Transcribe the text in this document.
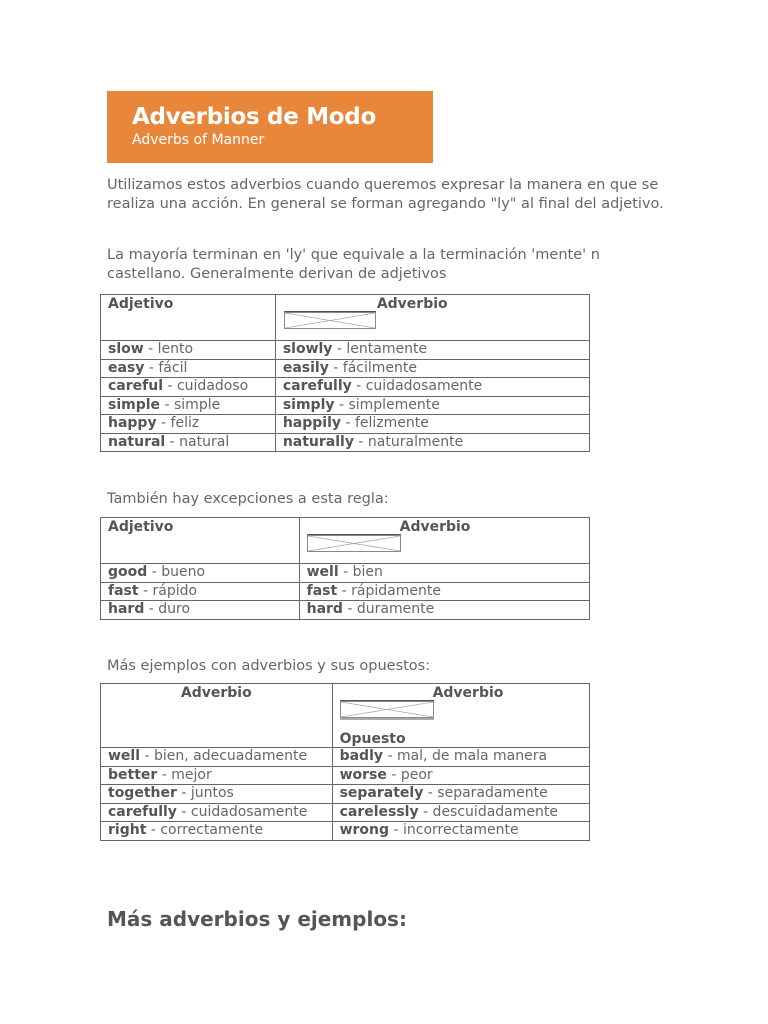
Adverbios de Modo
Adverbs of Manner

Utilizamos estos adverbios cuando queremos expresar la manera en que se realiza una acción. En general se forman agregando "ly" al final del adjetivo.

La mayoría terminan en 'ly' que equivale a la terminación 'mente' n castellano. Generalmente derivan de adjetivos

Adjetivo	Adverbio

slow - lento	slowly - lentamente
easy - fácil	easily - fácilmente
careful - cuidadoso	carefully - cuidadosamente
simple - simple	simply - simplemente
happy - feliz	happily - felizmente
natural - natural	naturally - naturalmente

También hay excepciones a esta regla:

Adjetivo	Adverbio

good - bueno	well - bien
fast - rápido	fast - rápidamente
hard - duro	hard - duramente

Más ejemplos con adverbios y sus opuestos:

Adverbio	Adverbio
Opuesto

well - bien, adecuadamente	badly - mal, de mala manera
better - mejor	worse - peor
together - juntos	separately - separadamente
carefully - cuidadosamente	carelessly - descuidadamente
right - correctamente	wrong - incorrectamente
Más adverbios y ejemplos:
